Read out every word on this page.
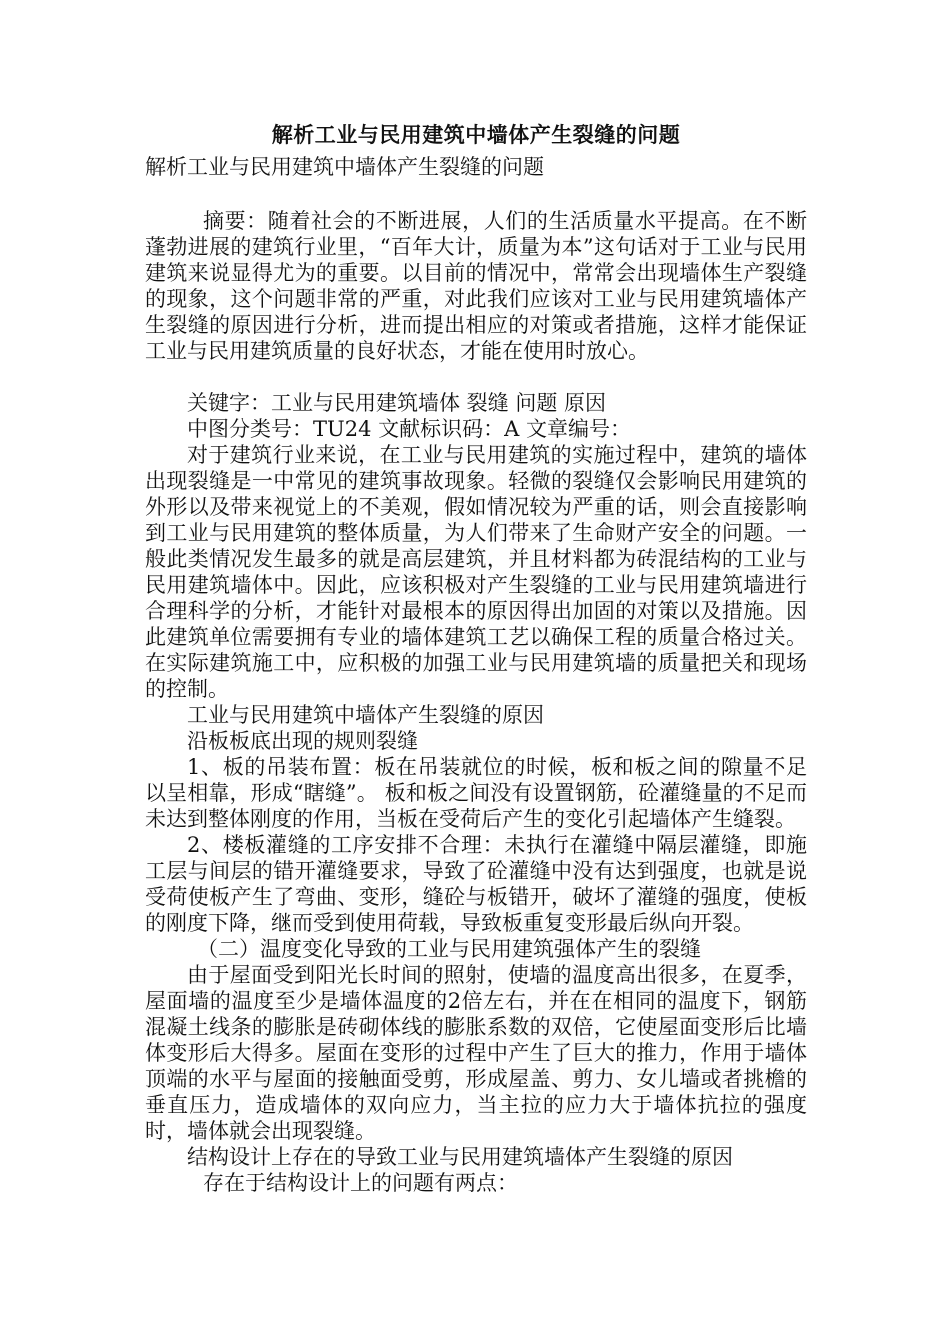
解析工业与民用建筑中墙体产生裂缝的问题
解析工业与民用建筑中墙体产生裂缝的问题

摘要：随着社会的不断进展，人们的生活质量水平提高。在不断蓬勃进展的建筑行业里，“百年大计，质量为本”这句话对于工业与民用建筑来说显得尤为的重要。以目前的情况中，常常会出现墙体生产裂缝的现象，这个问题非常的严重，对此我们应该对工业与民用建筑墙体产生裂缝的原因进行分析，进而提出相应的对策或者措施，这样才能保证工业与民用建筑质量的良好状态，才能在使用时放心。

关键字：工业与民用建筑墙体 裂缝 问题 原因

中图分类号：TU24 文献标识码：A 文章编号：

对于建筑行业来说，在工业与民用建筑的实施过程中，建筑的墙体出现裂缝是一中常见的建筑事故现象。轻微的裂缝仅会影响民用建筑的外形以及带来视觉上的不美观，假如情况较为严重的话，则会直接影响到工业与民用建筑的整体质量，为人们带来了生命财产安全的问题。一般此类情况发生最多的就是高层建筑，并且材料都为砖混结构的工业与民用建筑墙体中。因此，应该积极对产生裂缝的工业与民用建筑墙进行合理科学的分析，才能针对最根本的原因得出加固的对策以及措施。因此建筑单位需要拥有专业的墙体建筑工艺以确保工程的质量合格过关。在实际建筑施工中，应积极的加强工业与民用建筑墙的质量把关和现场的控制。

工业与民用建筑中墙体产生裂缝的原因

沿板板底出现的规则裂缝

1、板的吊装布置：板在吊装就位的时候，板和板之间的隙量不足以呈相靠，形成“瞎缝”。 板和板之间没有设置钢筋，砼灌缝量的不足而未达到整体刚度的作用，当板在受荷后产生的变化引起墙体产生缝裂。

2、楼板灌缝的工序安排不合理：未执行在灌缝中隔层灌缝，即施工层与间层的错开灌缝要求，导致了砼灌缝中没有达到强度，也就是说受荷使板产生了弯曲、变形，缝砼与板错开，破坏了灌缝的强度，使板的刚度下降，继而受到使用荷载，导致板重复变形最后纵向开裂。

（二）温度变化导致的工业与民用建筑强体产生的裂缝

由于屋面受到阳光长时间的照射，使墙的温度高出很多，在夏季，屋面墙的温度至少是墙体温度的2倍左右，并在在相同的温度下，钢筋混凝土线条的膨胀是砖砌体线的膨胀系数的双倍，它使屋面变形后比墙体变形后大得多。屋面在变形的过程中产生了巨大的推力，作用于墙体顶端的水平与屋面的接触面受剪，形成屋盖、剪力、女儿墙或者挑檐的垂直压力，造成墙体的双向应力，当主拉的应力大于墙体抗拉的强度时，墙体就会出现裂缝。

结构设计上存在的导致工业与民用建筑墙体产生裂缝的原因

存在于结构设计上的问题有两点：
